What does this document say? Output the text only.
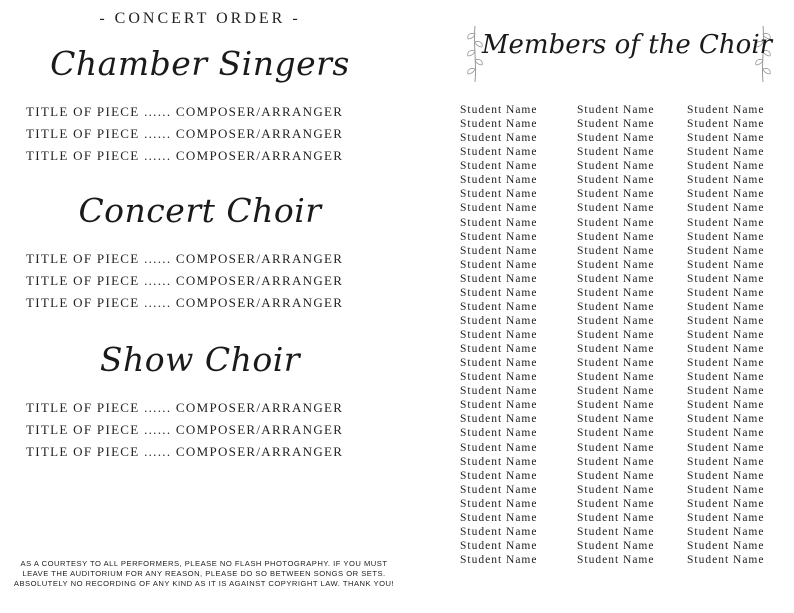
- CONCERT ORDER -
Chamber Singers
TITLE OF PIECE ...... COMPOSER/ARRANGER
TITLE OF PIECE ...... COMPOSER/ARRANGER
TITLE OF PIECE ...... COMPOSER/ARRANGER
Concert Choir
TITLE OF PIECE ...... COMPOSER/ARRANGER
TITLE OF PIECE ...... COMPOSER/ARRANGER
TITLE OF PIECE ...... COMPOSER/ARRANGER
Show Choir
TITLE OF PIECE ...... COMPOSER/ARRANGER
TITLE OF PIECE ...... COMPOSER/ARRANGER
TITLE OF PIECE ...... COMPOSER/ARRANGER
AS A COURTESY TO ALL PERFORMERS, PLEASE NO FLASH PHOTOGRAPHY. IF YOU MUST LEAVE THE AUDITORIUM FOR ANY REASON, PLEASE DO SO BETWEEN SONGS OR SETS. ABSOLUTELY NO RECORDING OF ANY KIND AS IT IS AGAINST COPYRIGHT LAW. THANK YOU!
Members of the Choir
Student Name
Student Name
Student Name
Student Name
Student Name
Student Name
Student Name
Student Name
Student Name
Student Name
Student Name
Student Name
Student Name
Student Name
Student Name
Student Name
Student Name
Student Name
Student Name
Student Name
Student Name
Student Name
Student Name
Student Name
Student Name
Student Name
Student Name
Student Name
Student Name
Student Name
Student Name
Student Name
Student Name
Student Name
Student Name
Student Name
Student Name
Student Name
Student Name
Student Name
Student Name
Student Name
Student Name
Student Name
Student Name
Student Name
Student Name
Student Name
Student Name
Student Name
Student Name
Student Name
Student Name
Student Name
Student Name
Student Name
Student Name
Student Name
Student Name
Student Name
Student Name
Student Name
Student Name
Student Name
Student Name
Student Name
Student Name
Student Name
Student Name
Student Name
Student Name
Student Name
Student Name
Student Name
Student Name
Student Name
Student Name
Student Name
Student Name
Student Name
Student Name
Student Name
Student Name
Student Name
Student Name
Student Name
Student Name
Student Name
Student Name
Student Name
Student Name
Student Name
Student Name
Student Name
Student Name
Student Name
Student Name
Student Name
Student Name
